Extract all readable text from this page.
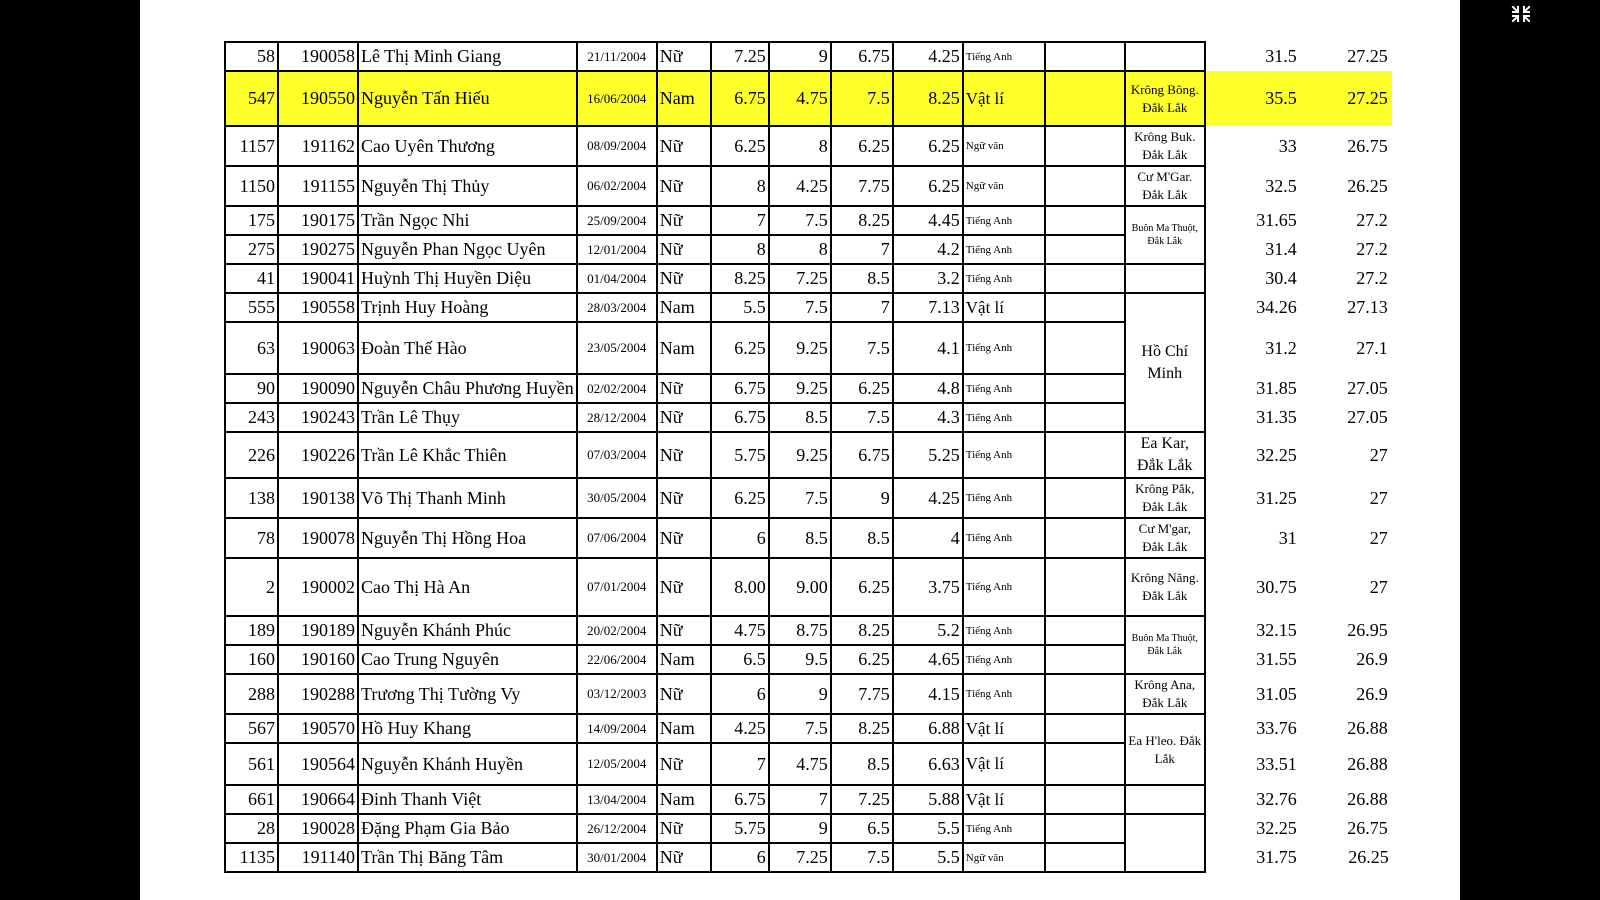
58	190058	Lê Thị Minh Giang	21/11/2004	Nữ	7.25	9	6.75	4.25	Tiếng Anh			31.5	27.25
547	190550	Nguyễn Tấn Hiếu	16/06/2004	Nam	6.75	4.75	7.5	8.25	Vật lí		Krông Bông. Đắk Lắk	35.5	27.25
1157	191162	Cao Uyên Thương	08/09/2004	Nữ	6.25	8	6.25	6.25	Ngữ văn		Krông Buk. Đắk Lắk	33	26.75
1150	191155	Nguyễn Thị Thủy	06/02/2004	Nữ	8	4.25	7.75	6.25	Ngữ văn		Cư M'Gar. Đắk Lắk	32.5	26.25
175	190175	Trần Ngọc Nhi	25/09/2004	Nữ	7	7.5	8.25	4.45	Tiếng Anh		Buôn Ma Thuột, Đắk Lắk	31.65	27.2
275	190275	Nguyễn Phan Ngọc Uyên	12/01/2004	Nữ	8	8	7	4.2	Tiếng Anh			31.4	27.2
41	190041	Huỳnh Thị Huyền Diệu	01/04/2004	Nữ	8.25	7.25	8.5	3.2	Tiếng Anh			30.4	27.2
555	190558	Trịnh Huy Hoàng	28/03/2004	Nam	5.5	7.5	7	7.13	Vật lí		Hồ Chí Minh	34.26	27.13
63	190063	Đoàn Thế Hào	23/05/2004	Nam	6.25	9.25	7.5	4.1	Tiếng Anh			31.2	27.1
90	190090	Nguyễn Châu Phương Huyền	02/02/2004	Nữ	6.75	9.25	6.25	4.8	Tiếng Anh			31.85	27.05
243	190243	Trần Lê Thụy	28/12/2004	Nữ	6.75	8.5	7.5	4.3	Tiếng Anh			31.35	27.05
226	190226	Trần Lê Khắc Thiên	07/03/2004	Nữ	5.75	9.25	6.75	5.25	Tiếng Anh		Ea Kar, Đắk Lắk	32.25	27
138	190138	Võ Thị Thanh Minh	30/05/2004	Nữ	6.25	7.5	9	4.25	Tiếng Anh		Krông Pắk, Đắk Lắk	31.25	27
78	190078	Nguyễn Thị Hồng Hoa	07/06/2004	Nữ	6	8.5	8.5	4	Tiếng Anh		Cư M'gar, Đắk Lắk	31	27
2	190002	Cao Thị Hà An	07/01/2004	Nữ	8.00	9.00	6.25	3.75	Tiếng Anh		Krông Năng. Đắk Lắk	30.75	27
189	190189	Nguyễn Khánh Phúc	20/02/2004	Nữ	4.75	8.75	8.25	5.2	Tiếng Anh		Buôn Ma Thuột, Đắk Lắk	32.15	26.95
160	190160	Cao Trung Nguyên	22/06/2004	Nam	6.5	9.5	6.25	4.65	Tiếng Anh			31.55	26.9
288	190288	Trương Thị Tường Vy	03/12/2003	Nữ	6	9	7.75	4.15	Tiếng Anh		Krông Ana, Đắk Lắk	31.05	26.9
567	190570	Hồ Huy Khang	14/09/2004	Nam	4.25	7.5	8.25	6.88	Vật lí		Ea H'leo. Đắk Lắk	33.76	26.88
561	190564	Nguyễn Khánh Huyền	12/05/2004	Nữ	7	4.75	8.5	6.63	Vật lí			33.51	26.88
661	190664	Đinh Thanh Việt	13/04/2004	Nam	6.75	7	7.25	5.88	Vật lí			32.76	26.88
28	190028	Đặng Phạm Gia Bảo	26/12/2004	Nữ	5.75	9	6.5	5.5	Tiếng Anh			32.25	26.75
1135	191140	Trần Thị Băng Tâm	30/01/2004	Nữ	6	7.25	7.5	5.5	Ngữ văn			31.75	26.25
